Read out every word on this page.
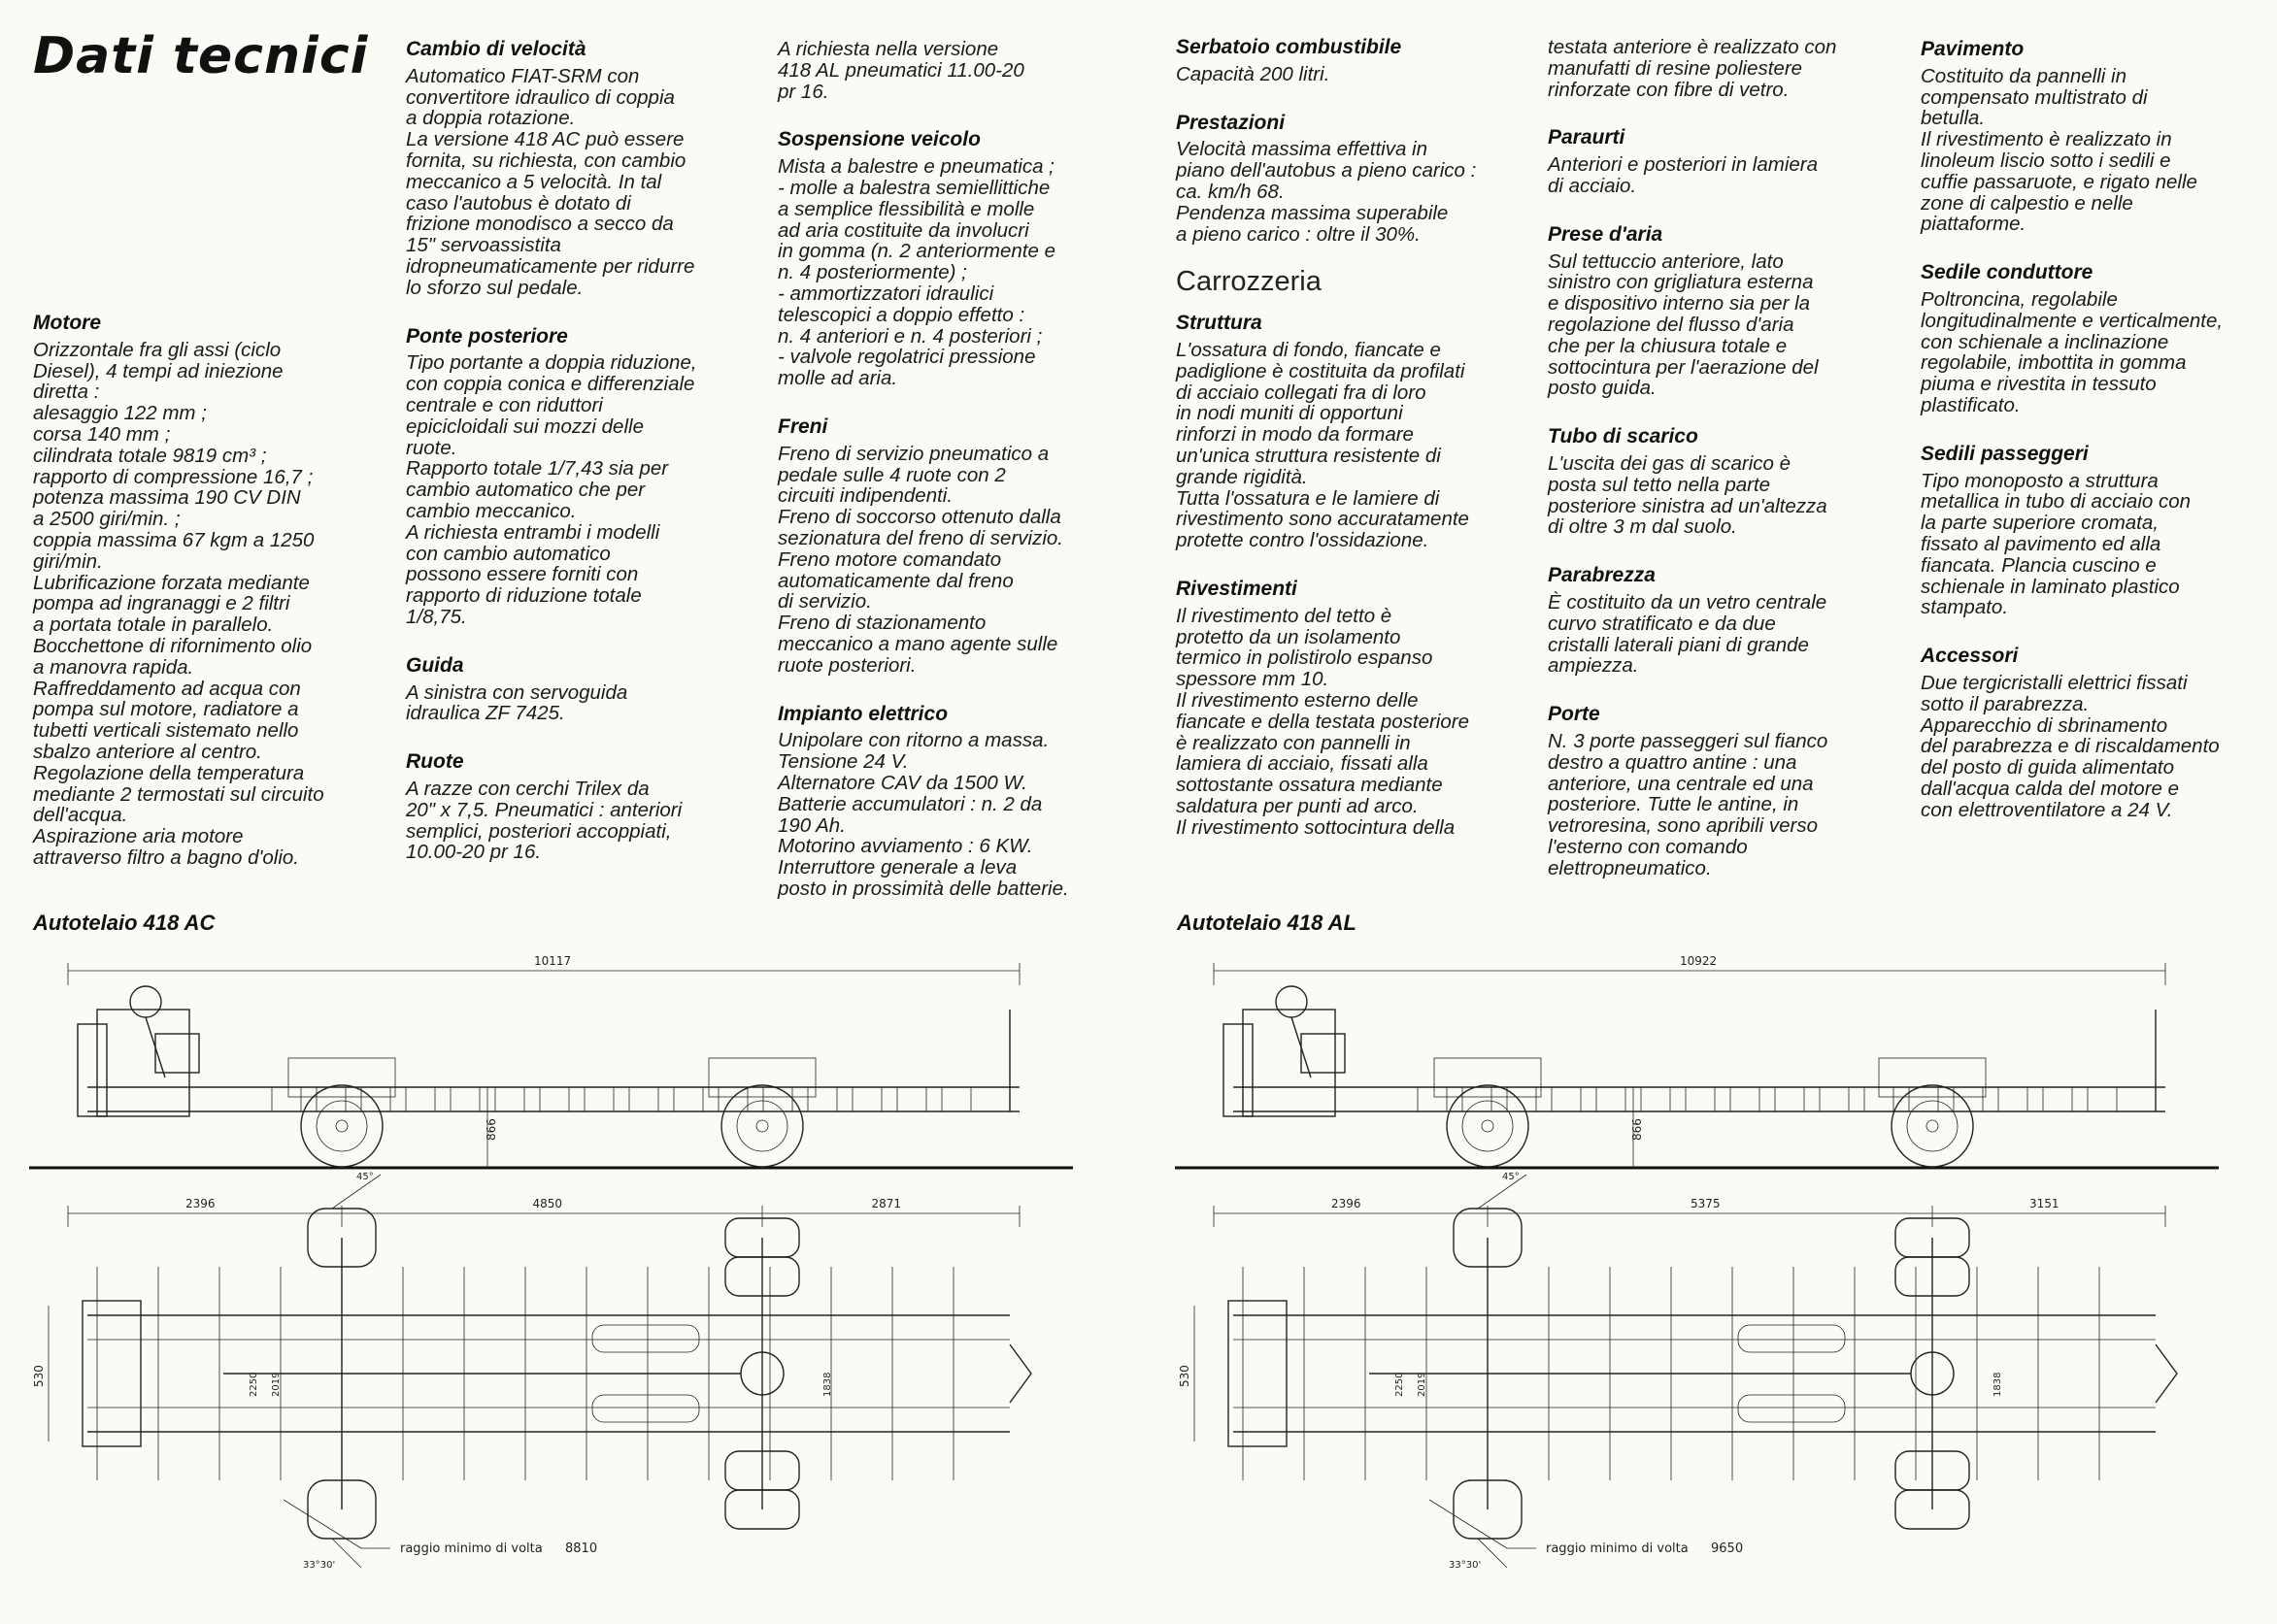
Dati tecnici
Motore

Orizzontale fra gli assi (ciclo
Diesel), 4 tempi ad iniezione
diretta :
alesaggio 122 mm ;
corsa 140 mm ;
cilindrata totale 9819 cm³ ;
rapporto di compressione 16,7 ;
potenza massima 190 CV DIN
a 2500 giri/min. ;
coppia massima 67 kgm a 1250
giri/min.
Lubrificazione forzata mediante
pompa ad ingranaggi e 2 filtri
a portata totale in parallelo.
Bocchettone di rifornimento olio
a manovra rapida.
Raffreddamento ad acqua con
pompa sul motore, radiatore a
tubetti verticali sistemato nello
sbalzo anteriore al centro.
Regolazione della temperatura
mediante 2 termostati sul circuito
dell'acqua.
Aspirazione aria motore
attraverso filtro a bagno d'olio.

Cambio di velocità

Automatico FIAT-SRM con
convertitore idraulico di coppia
a doppia rotazione.
La versione 418 AC può essere
fornita, su richiesta, con cambio
meccanico a 5 velocità. In tal
caso l'autobus è dotato di
frizione monodisco a secco da
15" servoassistita
idropneumaticamente per ridurre
lo sforzo sul pedale.

Ponte posteriore

Tipo portante a doppia riduzione,
con coppia conica e differenziale
centrale e con riduttori
epicicloidali sui mozzi delle
ruote.
Rapporto totale 1/7,43 sia per
cambio automatico che per
cambio meccanico.
A richiesta entrambi i modelli
con cambio automatico
possono essere forniti con
rapporto di riduzione totale
1/8,75.

Guida

A sinistra con servoguida
idraulica ZF 7425.

Ruote

A razze con cerchi Trilex da
20" x 7,5. Pneumatici : anteriori
semplici, posteriori accoppiati,
10.00-20 pr 16.

A richiesta nella versione
418 AL pneumatici 11.00-20
pr 16.

Sospensione veicolo

Mista a balestre e pneumatica ;
- molle a balestra semiellittiche
a semplice flessibilità e molle
ad aria costituite da involucri
in gomma (n. 2 anteriormente e
n. 4 posteriormente) ;
- ammortizzatori idraulici
telescopici a doppio effetto :
n. 4 anteriori e n. 4 posteriori ;
- valvole regolatrici pressione
molle ad aria.

Freni

Freno di servizio pneumatico a
pedale sulle 4 ruote con 2
circuiti indipendenti.
Freno di soccorso ottenuto dalla
sezionatura del freno di servizio.
Freno motore comandato
automaticamente dal freno
di servizio.
Freno di stazionamento
meccanico a mano agente sulle
ruote posteriori.

Impianto elettrico

Unipolare con ritorno a massa.
Tensione 24 V.
Alternatore CAV da 1500 W.
Batterie accumulatori : n. 2 da
190 Ah.
Motorino avviamento : 6 KW.
Interruttore generale a leva
posto in prossimità delle batterie.

Serbatoio combustibile

Capacità 200 litri.

Prestazioni

Velocità massima effettiva in
piano dell'autobus a pieno carico :
ca. km/h 68.
Pendenza massima superabile
a pieno carico : oltre il 30%.

Carrozzeria
Struttura

L'ossatura di fondo, fiancate e
padiglione è costituita da profilati
di acciaio collegati fra di loro
in nodi muniti di opportuni
rinforzi in modo da formare
un'unica struttura resistente di
grande rigidità.
Tutta l'ossatura e le lamiere di
rivestimento sono accuratamente
protette contro l'ossidazione.

Rivestimenti

Il rivestimento del tetto è
protetto da un isolamento
termico in polistirolo espanso
spessore mm 10.
Il rivestimento esterno delle
fiancate e della testata posteriore
è realizzato con pannelli in
lamiera di acciaio, fissati alla
sottostante ossatura mediante
saldatura per punti ad arco.
Il rivestimento sottocintura della

testata anteriore è realizzato con
manufatti di resine poliestere
rinforzate con fibre di vetro.

Paraurti

Anteriori e posteriori in lamiera
di acciaio.

Prese d'aria

Sul tettuccio anteriore, lato
sinistro con grigliatura esterna
e dispositivo interno sia per la
regolazione del flusso d'aria
che per la chiusura totale e
sottocintura per l'aerazione del
posto guida.

Tubo di scarico

L'uscita dei gas di scarico è
posta sul tetto nella parte
posteriore sinistra ad un'altezza
di oltre 3 m dal suolo.

Parabrezza

È costituito da un vetro centrale
curvo stratificato e da due
cristalli laterali piani di grande
ampiezza.

Porte

N. 3 porte passeggeri sul fianco
destro a quattro antine : una
anteriore, una centrale ed una
posteriore. Tutte le antine, in
vetroresina, sono apribili verso
l'esterno con comando
elettropneumatico.

Pavimento

Costituito da pannelli in
compensato multistrato di
betulla.
Il rivestimento è realizzato in
linoleum liscio sotto i sedili e
cuffie passaruote, e rigato nelle
zone di calpestio e nelle
piattaforme.

Sedile conduttore

Poltroncina, regolabile
longitudinalmente e verticalmente,
con schienale a inclinazione
regolabile, imbottita in gomma
piuma e rivestita in tessuto
plastificato.

Sedili passeggeri

Tipo monoposto a struttura
metallica in tubo di acciaio con
la parte superiore cromata,
fissato al pavimento ed alla
fiancata. Plancia cuscino e
schienale in laminato plastico
stampato.

Accessori

Due tergicristalli elettrici fissati
sotto il parabrezza.
Apparecchio di sbrinamento
del parabrezza e di riscaldamento
del posto di guida alimentato
dall'acqua calda del motore e
con elettroventilatore a 24 V.

Autotelaio 418 AC	Autotelaio 418 AL
10117
866
2396	4850	2871
530	2250 2019	1838
45°
33°30'
raggio minimo di volta 8810
10922
866
2396	5375	3151
530	2250 2019	1838
45°
33°30'
raggio minimo di volta 9650
